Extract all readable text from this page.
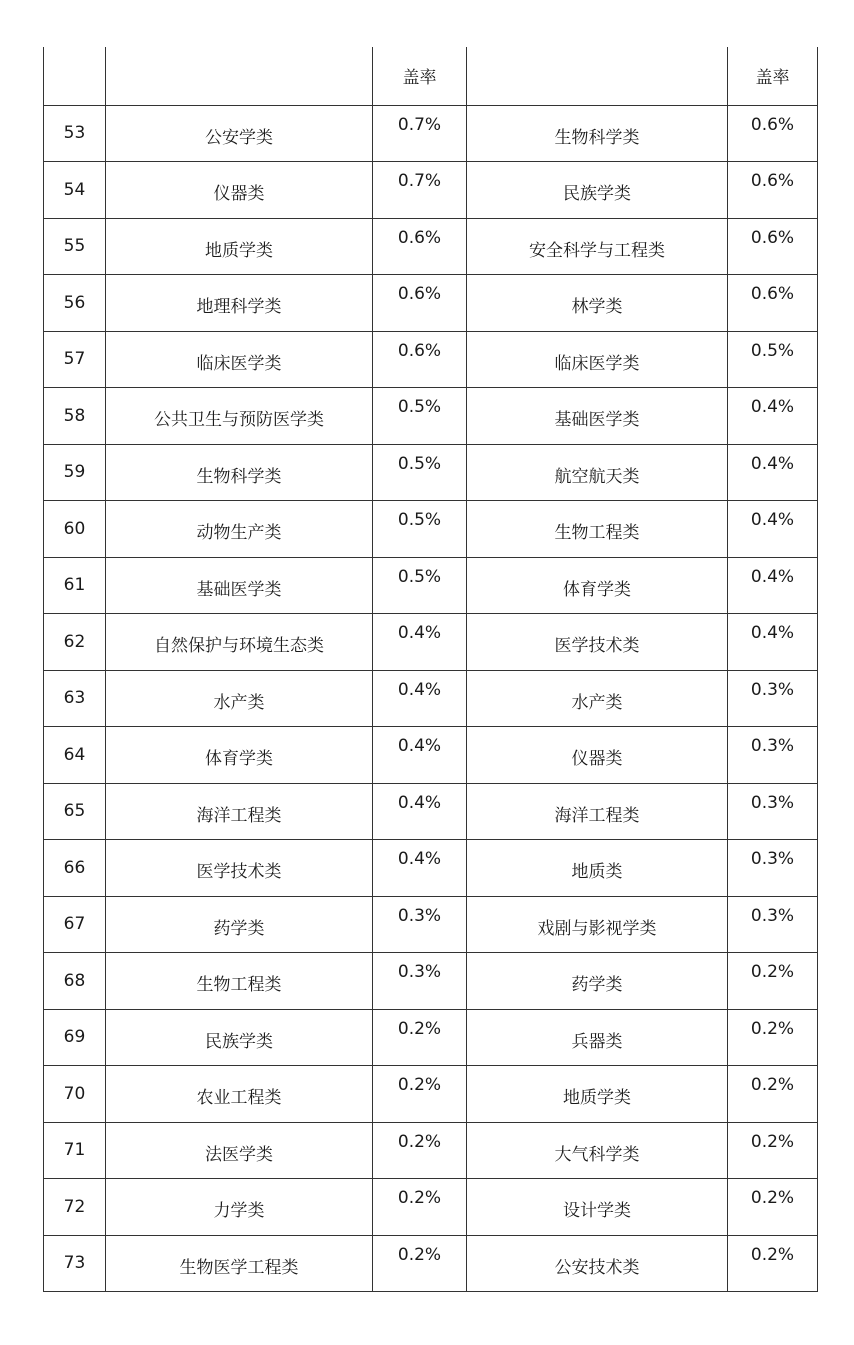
		盖率		盖率
53	公安学类	0.7%	生物科学类	0.6%
54	仪器类	0.7%	民族学类	0.6%
55	地质学类	0.6%	安全科学与工程类	0.6%
56	地理科学类	0.6%	林学类	0.6%
57	临床医学类	0.6%	临床医学类	0.5%
58	公共卫生与预防医学类	0.5%	基础医学类	0.4%
59	生物科学类	0.5%	航空航天类	0.4%
60	动物生产类	0.5%	生物工程类	0.4%
61	基础医学类	0.5%	体育学类	0.4%
62	自然保护与环境生态类	0.4%	医学技术类	0.4%
63	水产类	0.4%	水产类	0.3%
64	体育学类	0.4%	仪器类	0.3%
65	海洋工程类	0.4%	海洋工程类	0.3%
66	医学技术类	0.4%	地质类	0.3%
67	药学类	0.3%	戏剧与影视学类	0.3%
68	生物工程类	0.3%	药学类	0.2%
69	民族学类	0.2%	兵器类	0.2%
70	农业工程类	0.2%	地质学类	0.2%
71	法医学类	0.2%	大气科学类	0.2%
72	力学类	0.2%	设计学类	0.2%
73	生物医学工程类	0.2%	公安技术类	0.2%
